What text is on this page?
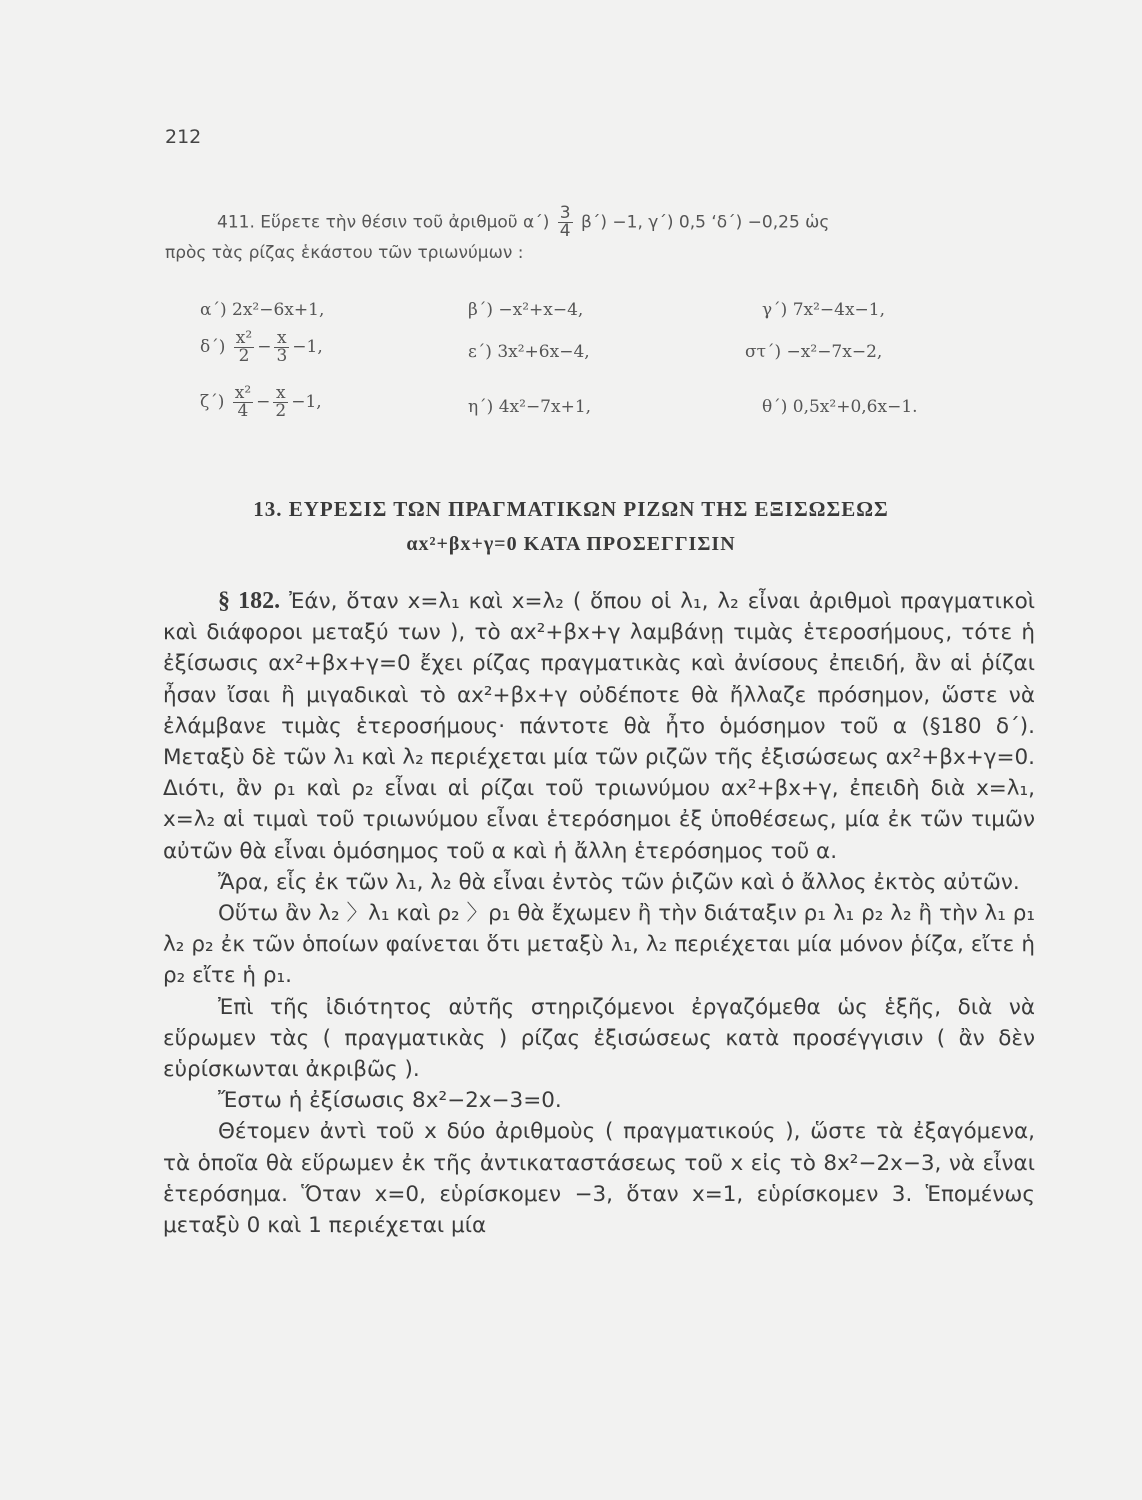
212
411. Εὕρετε τὴν θέσιν τοῦ ἀριθμοῦ $\alpha΄) \frac{3}{4} \beta΄) -1$, γ΄) 0,5 ‘δ΄) −0,25 ὡς
πρὸς τὰς ρίζας ἑκάστου τῶν τριωνύμων :
α΄) 2x²−6x+1,	β΄) −x²+x−4,	γ΄) 7x²−4x−1,
$\delta΄) \frac{\text{x²}}{2} - \frac{x}{3} -1$,	ε΄) 3x²+6x−4,	στ΄) −x²−7x−2,
$\zeta΄) \frac{\text{x²}}{4} - \frac{x}{2} -1$,	η΄) 4x²−7x+1,	θ΄) 0,5x²+0,6x−1.
13. ΕΥΡΕΣΙΣ ΤΩΝ ΠΡΑΓΜΑΤΙΚΩΝ ΡΙΖΩΝ ΤΗΣ ΕΞΙΣΩΣΕΩΣ
αx²+βx+γ=0 ΚΑΤΑ ΠΡΟΣΕΓΓΙΣΙΝ

§ 182. Ἐάν, ὅταν x=λ₁ καὶ x=λ₂ ( ὅπου οἱ λ₁, λ₂ εἶναι ἀριθμοὶ πραγματικοὶ καὶ διάφοροι μεταξύ των ), τὸ αx²+βx+γ λαμβάνῃ τιμὰς ἑτεροσήμους, τότε ἡ ἐξίσωσις αx²+βx+γ=0 ἔχει ρίζας πραγματικὰς καὶ ἀνίσους ἐπειδή, ἂν αἱ ῥίζαι ἦσαν ἴσαι ἢ μιγαδικαὶ τὸ αx²+βx+γ οὐδέποτε θὰ ἤλλαζε πρόσημον, ὥστε νὰ ἐλάμβανε τιμὰς ἑτεροσήμους· πάντοτε θὰ ἦτο ὁμόσημον τοῦ α (§180 δ΄). Μεταξὺ δὲ τῶν λ₁ καὶ λ₂ περιέχεται μία τῶν ριζῶν τῆς ἐξισώσεως αx²+βx+γ=0. Διότι, ἂν ρ₁ καὶ ρ₂ εἶναι αἱ ρίζαι τοῦ τριωνύμου αx²+βx+γ, ἐπειδὴ διὰ x=λ₁, x=λ₂ αἱ τιμαὶ τοῦ τριωνύμου εἶναι ἑτερόσημοι ἐξ ὑποθέσεως, μία ἐκ τῶν τιμῶν αὐτῶν θὰ εἶναι ὁμόσημος τοῦ α καὶ ἡ ἄλλη ἑτερόσημος τοῦ α.

Ἄρα, εἷς ἐκ τῶν λ₁, λ₂ θὰ εἶναι ἐντὸς τῶν ῥιζῶν καὶ ὁ ἄλλος ἐκτὸς αὐτῶν.

Οὕτω ἂν λ₂ 〉λ₁ καὶ ρ₂ 〉ρ₁ θὰ ἔχωμεν ἢ τὴν διάταξιν ρ₁ λ₁ ρ₂ λ₂ ἢ τὴν λ₁ ρ₁ λ₂ ρ₂ ἐκ τῶν ὁποίων φαίνεται ὅτι μεταξὺ λ₁, λ₂ περιέχεται μία μόνον ῥίζα, εἴτε ἡ ρ₂ εἴτε ἡ ρ₁.

Ἐπὶ τῆς ἰδιότητος αὐτῆς στηριζόμενοι ἐργαζόμεθα ὡς ἑξῆς, διὰ νὰ εὕρωμεν τὰς ( πραγματικὰς ) ρίζας ἐξισώσεως κατὰ προσέγγισιν ( ἂν δὲν εὑρίσκωνται ἀκριβῶς ).

Ἔστω ἡ ἐξίσωσις 8x²−2x−3=0.

Θέτομεν ἀντὶ τοῦ x δύο ἀριθμοὺς ( πραγματικούς ), ὥστε τὰ ἐξαγόμενα, τὰ ὁποῖα θὰ εὕρωμεν ἐκ τῆς ἀντικαταστάσεως τοῦ x εἰς τὸ 8x²−2x−3, νὰ εἶναι ἑτερόσημα. Ὅταν x=0, εὑρίσκομεν −3, ὅταν x=1, εὑρίσκομεν 3. Ἑπομένως μεταξὺ 0 καὶ 1 περιέχεται μία
